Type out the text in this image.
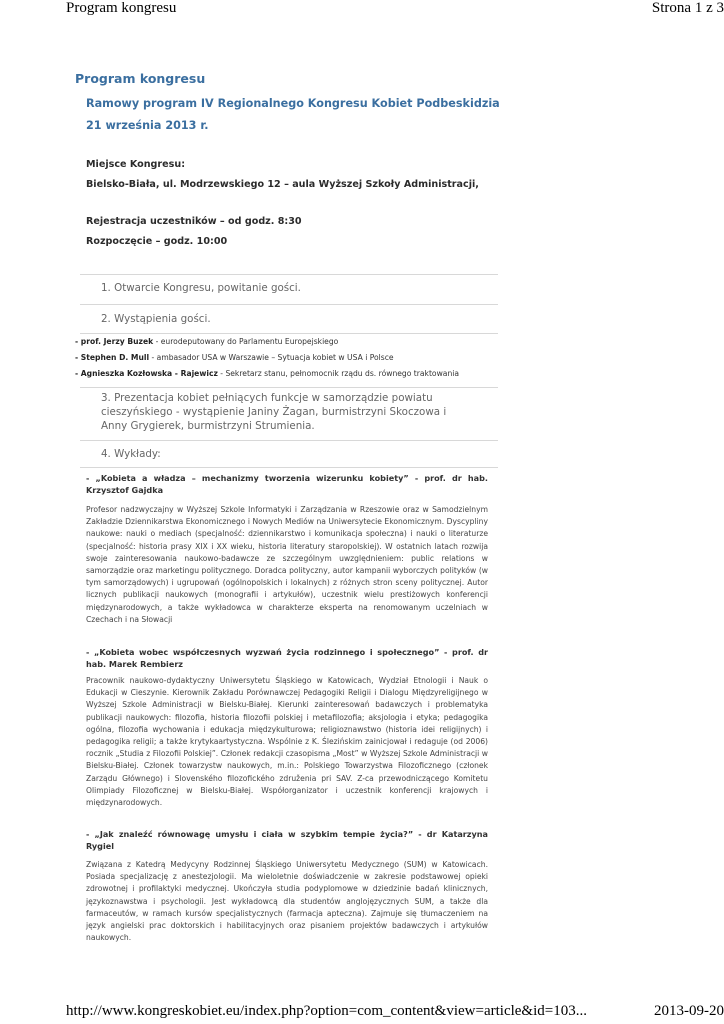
Program kongresu	Strona 1 z 3
Program kongresu
Ramowy program IV Regionalnego Kongresu Kobiet Podbeskidzia
21 września 2013 r.
Miejsce Kongresu:
Bielsko-Biała, ul. Modrzewskiego 12 – aula Wyższej Szkoły Administracji,
Rejestracja uczestników – od godz. 8:30
Rozpoczęcie – godz. 10:00
1. Otwarcie Kongresu, powitanie gości.
2. Wystąpienia gości.
- prof. Jerzy Buzek - eurodeputowany do Parlamentu Europejskiego
- Stephen D. Mull - ambasador USA w Warszawie – Sytuacja kobiet w USA i Polsce
- Agnieszka Kozłowska - Rajewicz - Sekretarz stanu, pełnomocnik rządu ds. równego traktowania
3. Prezentacja kobiet pełniących funkcje w samorządzie powiatu cieszyńskiego - wystąpienie Janiny Żagan, burmistrzyni Skoczowa i Anny Grygierek, burmistrzyni Strumienia.
4. Wykłady:
- „Kobieta a władza – mechanizmy tworzenia wizerunku kobiety” - prof. dr hab. Krzysztof Gajdka
Profesor nadzwyczajny w Wyższej Szkole Informatyki i Zarządzania w Rzeszowie oraz w Samodzielnym Zakładzie Dziennikarstwa Ekonomicznego i Nowych Mediów na Uniwersytecie Ekonomicznym. Dyscypliny naukowe: nauki o mediach (specjalność: dziennikarstwo i komunikacja społeczna) i nauki o literaturze (specjalność: historia prasy XIX i XX wieku, historia literatury staropolskiej). W ostatnich latach rozwija swoje zainteresowania naukowo-badawcze ze szczególnym uwzględnieniem: public relations w samorządzie oraz marketingu politycznego. Doradca polityczny, autor kampanii wyborczych polityków (w tym samorządowych) i ugrupowań (ogólnopolskich i lokalnych) z różnych stron sceny politycznej. Autor licznych publikacji naukowych (monografii i artykułów), uczestnik wielu prestiżowych konferencji międzynarodowych, a także wykładowca w charakterze eksperta na renomowanym uczelniach w Czechach i na Słowacji
- „Kobieta wobec współczesnych wyzwań życia rodzinnego i społecznego” - prof. dr hab. Marek Rembierz
Pracownik naukowo-dydaktyczny Uniwersytetu Śląskiego w Katowicach, Wydział Etnologii i Nauk o Edukacji w Cieszynie. Kierownik Zakładu Porównawczej Pedagogiki Religii i Dialogu Międzyreligijnego w Wyższej Szkole Administracji w Bielsku-Białej. Kierunki zainteresowań badawczych i problematyka publikacji naukowych: filozofia, historia filozofii polskiej i metafilozofia; aksjologia i etyka; pedagogika ogólna, filozofia wychowania i edukacja międzykulturowa; religioznawstwo (historia idei religijnych) i pedagogika religii; a także krytykaartystyczna. Wspólnie z K. Ślezińskim zainicjował i redaguje (od 2006) rocznik „Studia z Filozofii Polskiej”. Członek redakcji czasopisma „Most” w Wyższej Szkole Administracji w Bielsku-Białej. Członek towarzystw naukowych, m.in.: Polskiego Towarzystwa Filozoficznego (członek Zarządu Głównego) i Slovenského filozofického združenia pri SAV. Z-ca przewodniczącego Komitetu Olimpiady Filozoficznej w Bielsku-Białej. Współorganizator i uczestnik konferencji krajowych i międzynarodowych.
- „Jak znaleźć równowagę umysłu i ciała w szybkim tempie życia?” - dr Katarzyna Rygiel
Związana z Katedrą Medycyny Rodzinnej Śląskiego Uniwersytetu Medycznego (SUM) w Katowicach. Posiada specjalizację z anestezjologii. Ma wieloletnie doświadczenie w zakresie podstawowej opieki zdrowotnej i profilaktyki medycznej. Ukończyła studia podyplomowe w dziedzinie badań klinicznych, językoznawstwa i psychologii. Jest wykładowcą dla studentów anglojęzycznych SUM, a także dla farmaceutów, w ramach kursów specjalistycznych (farmacja apteczna). Zajmuje się tłumaczeniem na język angielski prac doktorskich i habilitacyjnych oraz pisaniem projektów badawczych i artykułów naukowych.
http://www.kongreskobiet.eu/index.php?option=com_content&view=article&id=103...	2013-09-20
